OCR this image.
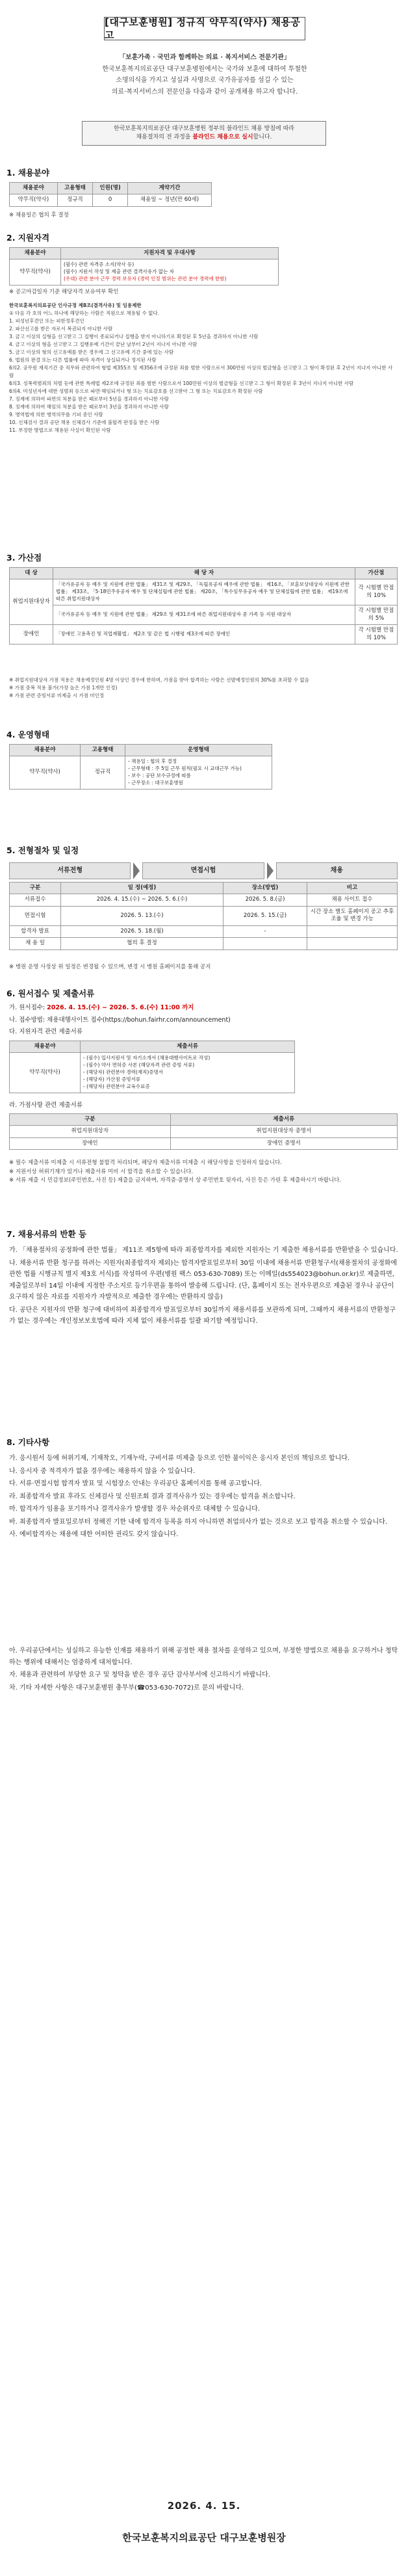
[대구보훈병원] 정규직 약무직(약사) 채용공고
「보훈가족 · 국민과 함께하는 의료 · 복지서비스 전문기관」
한국보훈복지의료공단 대구보훈병원에서는 국가와 보훈에 대하여 투철한
소명의식을 가지고 성실과 사명으로 국가유공자를 섬길 수 있는
의료·복지서비스의 전문인을 다음과 같이 공개채용 하고자 합니다.
한국보훈복지의료공단 대구보훈병원 정부의 블라인드 채용 방침에 따라
채용절차의 전 과정을 블라인드 채용으로 실시합니다.
1. 채용분야
채용분야	고용형태	인원(명)	계약기간
약무직(약사)	정규직	0	채용일 ~ 정년(만 60세)
※ 채용일은 협의 후 결정
2. 지원자격
채용분야	지원자격 및 우대사항
약무직(약사)	(필수) 관련 자격증 소지(약사 등)
(필수) 지원서 작성 및 제출 관련 결격사유가 없는 자
(우대) 관련 분야 근무 경력 보유자 (경력 인정 범위는 관련 분야 경력에 한함)
※ 공고마감일자 기준 해당자격 보유여부 확인

한국보훈복지의료공단 인사규정 제8조(결격사유) 및 임용제한

① 다음 각 호의 어느 하나에 해당하는 사람은 직원으로 채용될 수 없다.

1. 피성년후견인 또는 피한정후견인

2. 파산선고를 받은 자로서 복권되지 아니한 사람

3. 금고 이상의 실형을 선고받고 그 집행이 종료되거나 집행을 받지 아니하기로 확정된 후 5년을 경과하지 아니한 사람

4. 금고 이상의 형을 선고받고 그 집행유예 기간이 끝난 날부터 2년이 지나지 아니한 사람

5. 금고 이상의 형의 선고유예를 받은 경우에 그 선고유예 기간 중에 있는 사람

6. 법원의 판결 또는 다른 법률에 따라 자격이 상실되거나 정지된 사람

6의2. 공무원 재직기간 중 직무와 관련하여 형법 제355조 및 제356조에 규정된 죄를 범한 사람으로서 300만원 이상의 벌금형을 선고받고 그 형이 확정된 후 2년이 지나지 아니한 사람

6의3. 성폭력범죄의 처벌 등에 관한 특례법 제2조에 규정된 죄를 범한 사람으로서 100만원 이상의 벌금형을 선고받고 그 형이 확정된 후 3년이 지나지 아니한 사람

6의4. 미성년자에 대한 성범죄 등으로 파면·해임되거나 형 또는 치료감호를 선고받아 그 형 또는 치료감호가 확정된 사람

7. 징계에 의하여 파면의 처분을 받은 때로부터 5년을 경과하지 아니한 사람

8. 징계에 의하여 해임의 처분을 받은 때로부터 3년을 경과하지 아니한 사람

9. 병역법에 의한 병역의무를 기피 중인 사람

10. 신체검사 결과 공단 채용 신체검사 기준에 불합격 판정을 받은 사람

11. 부정한 방법으로 채용된 사실이 확인된 사람

3. 가산점
대 상	해 당 자	가산점
취업지원대상자	「국가유공자 등 예우 및 지원에 관한 법률」 제31조 및 제29조, 「독립유공자 예우에 관한 법률」 제16조, 「보훈보상대상자 지원에 관한 법률」 제33조, 「5·18민주유공자 예우 및 단체설립에 관한 법률」 제20조, 「특수임무유공자 예우 및 단체설립에 관한 법률」 제19조에 따른 취업지원대상자	각 시험별 만점의 10%
	「국가유공자 등 예우 및 지원에 관한 법률」 제29조 및 제31조에 따른 취업지원대상자 중 가족 등 지원 대상자	각 시험별 만점의 5%
장애인	「장애인 고용촉진 및 직업재활법」 제2조 및 같은 법 시행령 제3조에 따른 장애인	각 시험별 만점의 10%

※ 취업지원대상자 가점 적용은 채용예정인원 4명 이상인 경우에 한하며, 가점을 받아 합격하는 사람은 선발예정인원의 30%를 초과할 수 없음

※ 가점 중복 적용 불가(가장 높은 가점 1개만 인정)

※ 가점 관련 증빙서류 미제출 시 가점 미인정

4. 운영형태
채용분야	고용형태	운영형태
약무직(약사)	정규직	- 채용일 : 협의 후 결정
- 근무형태 : 주 5일 근무 원칙(필요 시 교대근무 가능)
- 보수 : 공단 보수규정에 따름
- 근무장소 : 대구보훈병원
5. 전형절차 및 일정
서류전형	면접시험	채용
구분	일 정(예정)	장소(방법)	비고
서류접수	2026. 4. 15.(수) ~ 2026. 5. 6.(수)	2026. 5. 8.(금)	채용 사이트 접수
면접시험	2026. 5. 13.(수)	2026. 5. 15.(금)	시간 장소 별도 홈페이지 공고 추후 조율 및 변경 가능
합격자 발표	2026. 5. 18.(월)	-	
채 용 일	협의 후 결정		
※ 병원 운영 사정상 위 일정은 변경될 수 있으며, 변경 시 병원 홈페이지를 통해 공지
6. 원서접수 및 제출서류

가. 원서접수: 2026. 4. 15.(수) ~ 2026. 5. 6.(수) 11:00 까지

나. 접수방법: 채용대행사이트 접수(https://bohun.fairhr.com/announcement)

다. 지원자격 관련 제출서류

채용분야	제출서류
약무직(약사)	- (필수) 입사지원서 및 자기소개서 (채용대행사이트로 작성)
- (필수) 약사 면허증 사본 (해당자격 관련 증빙 서류)
- (해당자) 관련분야 경력(재직)증명서
- (해당자) 가산점 증빙서류
- (해당자) 관련분야 교육수료증
라. 가점사항 관련 제출서류
구분	제출서류
취업지원대상자	취업지원대상자 증명서
장애인	장애인 증명서

※ 필수 제출서류 미제출 시 서류전형 불합격 처리되며, 해당자 제출서류 미제출 시 해당사항을 인정하지 않습니다.

※ 지원서상 허위기재가 있거나 제출서류 미비 시 합격을 취소할 수 있습니다.

※ 서류 제출 시 민감정보(주민번호, 사진 등) 제출을 금지하며, 자격증·증명서 상 주민번호 뒷자리, 사진 등은 가린 후 제출하시기 바랍니다.

7. 채용서류의 반환 등

가. 「채용절차의 공정화에 관한 법률」 제11조 제5항에 따라 최종합격자를 제외한 지원자는 기 제출한 채용서류를 반환받을 수 있습니다.

나. 채용서류 반환 청구를 하려는 지원자(최종합격자 제외)는 합격자발표일로부터 30일 이내에 채용서류 반환청구서(채용절차의 공정화에 관한 법률 시행규칙 별지 제3호 서식)를 작성하여 우편(병원 팩스 053-630-7089) 또는 이메일(ds554023@bohun.or.kr)로 제출하면, 제출일로부터 14일 이내에 지정한 주소지로 등기우편을 통하여 발송해 드립니다. (단, 홈페이지 또는 전자우편으로 제출된 경우나 공단이 요구하지 않은 자료를 지원자가 자발적으로 제출한 경우에는 반환하지 않음)

다. 공단은 지원자의 반환 청구에 대비하여 최종합격자 발표일로부터 30일까지 채용서류를 보관하게 되며, 그때까지 채용서류의 반환청구가 없는 경우에는 개인정보보호법에 따라 지체 없이 채용서류를 일괄 파기할 예정입니다.

8. 기타사항

가. 응시원서 등에 허위기재, 기재착오, 기재누락, 구비서류 미제출 등으로 인한 불이익은 응시자 본인의 책임으로 합니다.

나. 응시자 중 적격자가 없을 경우에는 채용하지 않을 수 있습니다.

다. 서류·면접시험 합격자 발표 및 시험장소 안내는 우리공단 홈페이지를 통해 공고합니다.

라. 최종합격자 발표 후라도 신체검사 및 신원조회 결과 결격사유가 있는 경우에는 합격을 취소합니다.

마. 합격자가 임용을 포기하거나 결격사유가 발생할 경우 차순위자로 대체할 수 있습니다.

바. 최종합격자 발표일로부터 정해진 기한 내에 합격자 등록을 하지 아니하면 취업의사가 없는 것으로 보고 합격을 취소할 수 있습니다.

사. 예비합격자는 채용에 대한 어떠한 권리도 갖지 않습니다.

아. 우리공단에서는 성실하고 유능한 인재를 채용하기 위해 공정한 채용 절차를 운영하고 있으며, 부정한 방법으로 채용을 요구하거나 청탁하는 행위에 대해서는 엄중하게 대처합니다.

자. 채용과 관련하여 부당한 요구 및 청탁을 받은 경우 공단 감사부서에 신고하시기 바랍니다.

차. 기타 자세한 사항은 대구보훈병원 총무부(☎053-630-7072)로 문의 바랍니다.

2026. 4. 15.
한국보훈복지의료공단 대구보훈병원장
